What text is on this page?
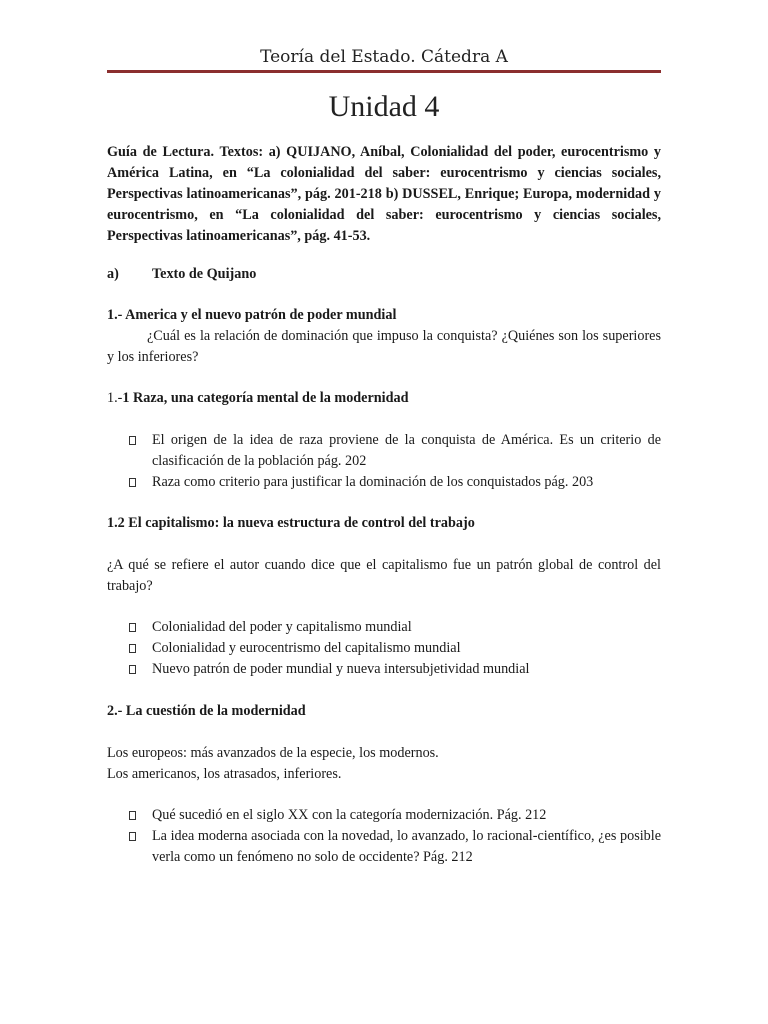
Teoría del Estado. Cátedra A
Unidad 4
Guía de Lectura. Textos: a) QUIJANO, Aníbal, Colonialidad del poder, eurocentrismo y América Latina, en “La colonialidad del saber: eurocentrismo y ciencias sociales, Perspectivas latinoamericanas”, pág. 201-218 b) DUSSEL, Enrique; Europa, modernidad y eurocentrismo, en “La colonialidad del saber: eurocentrismo y ciencias sociales, Perspectivas latinoamericanas”, pág. 41-53.
a) Texto de Quijano
1.- America y el nuevo patrón de poder mundial
¿Cuál es la relación de dominación que impuso la conquista? ¿Quiénes son los superiores y los inferiores?
1.-1 Raza, una categoría mental de la modernidad
El origen de la idea de raza proviene de la conquista de América. Es un criterio de clasificación de la población pág. 202
Raza como criterio para justificar la dominación de los conquistados pág. 203
1.2 El capitalismo: la nueva estructura de control del trabajo
¿A qué se refiere el autor cuando dice que el capitalismo fue un patrón global de control del trabajo?
Colonialidad del poder y capitalismo mundial
Colonialidad y eurocentrismo del capitalismo mundial
Nuevo patrón de poder mundial y nueva intersubjetividad mundial
2.- La cuestión de la modernidad
Los europeos: más avanzados de la especie, los modernos.
Los americanos, los atrasados, inferiores.
Qué sucedió en el siglo XX con la categoría modernización. Pág. 212
La idea moderna asociada con la novedad, lo avanzado, lo racional-científico, ¿es posible verla como un fenómeno no solo de occidente? Pág. 212
